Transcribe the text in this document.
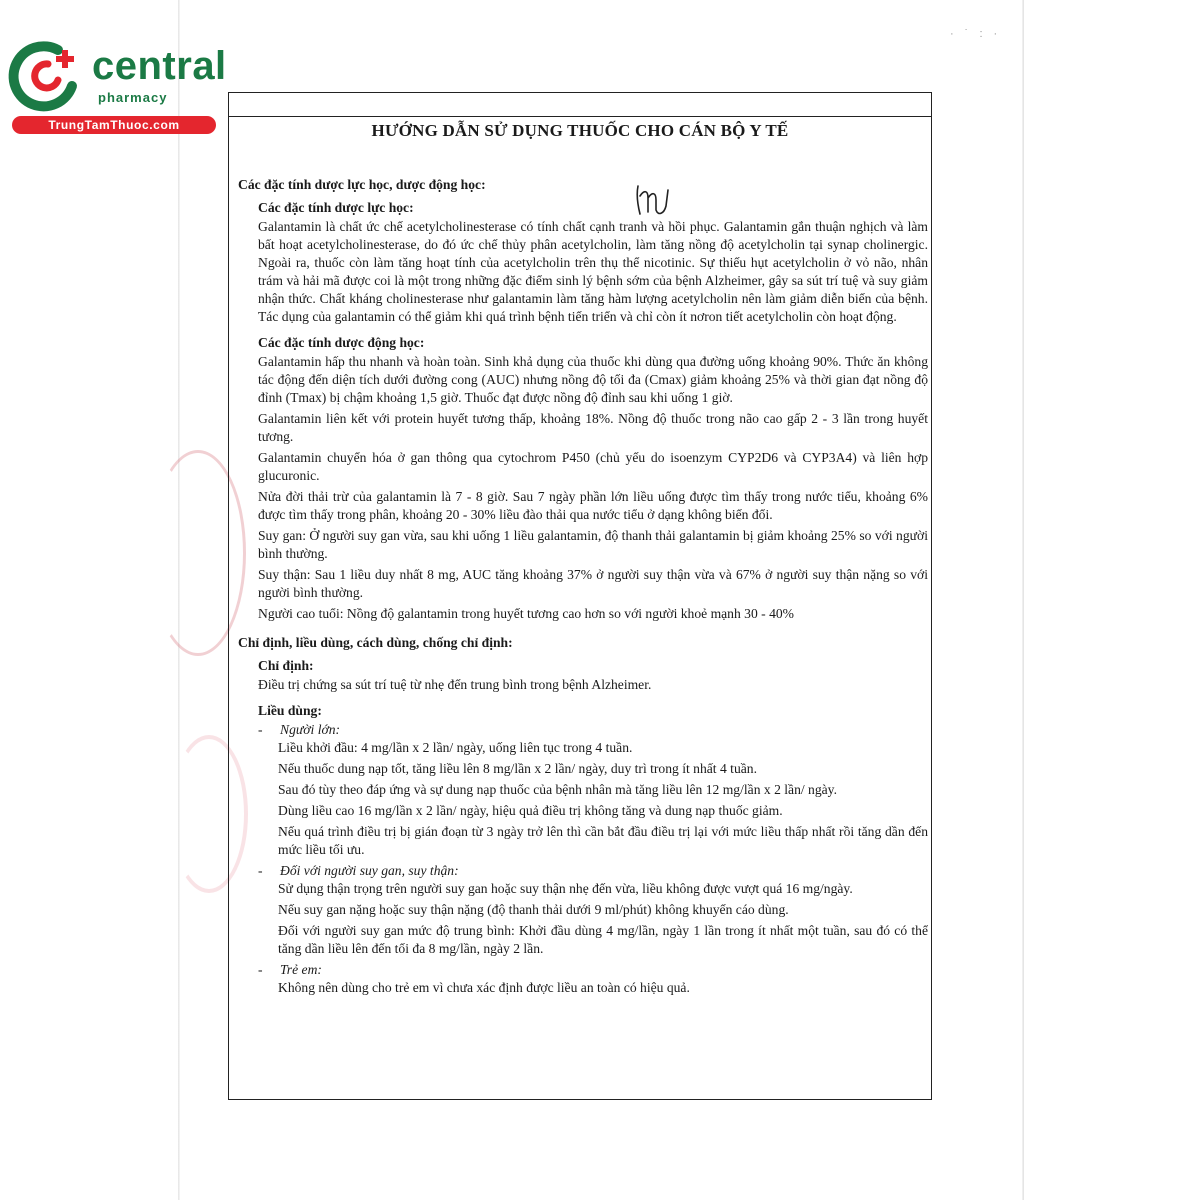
· ˙ : ·
central
pharmacy
TrungTamThuoc.com	HƯỚNG DẪN SỬ DỤNG THUỐC CHO CÁN BỘ Y TẾ
Các đặc tính dược lực học, dược động học:
Các đặc tính dược lực học:
Galantamin là chất ức chế acetylcholinesterase có tính chất cạnh tranh và hồi phục. Galantamin gắn thuận nghịch và làm bất hoạt acetylcholinesterase, do đó ức chế thủy phân acetylcholin, làm tăng nồng độ acetylcholin tại synap cholinergic. Ngoài ra, thuốc còn làm tăng hoạt tính của acetylcholin trên thụ thể nicotinic. Sự thiếu hụt acetylcholin ở vỏ não, nhân trám và hải mã được coi là một trong những đặc điểm sinh lý bệnh sớm của bệnh Alzheimer, gây sa sút trí tuệ và suy giảm nhận thức. Chất kháng cholinesterase như galantamin làm tăng hàm lượng acetylcholin nên làm giảm diễn biến của bệnh. Tác dụng của galantamin có thể giảm khi quá trình bệnh tiến triển và chỉ còn ít nơron tiết acetylcholin còn hoạt động.
Các đặc tính dược động học:
Galantamin hấp thu nhanh và hoàn toàn. Sinh khả dụng của thuốc khi dùng qua đường uống khoảng 90%. Thức ăn không tác động đến diện tích dưới đường cong (AUC) nhưng nồng độ tối đa (Cmax) giảm khoảng 25% và thời gian đạt nồng độ đỉnh (Tmax) bị chậm khoảng 1,5 giờ. Thuốc đạt được nồng độ đỉnh sau khi uống 1 giờ.
Galantamin liên kết với protein huyết tương thấp, khoảng 18%. Nồng độ thuốc trong não cao gấp 2 - 3 lần trong huyết tương.
Galantamin chuyển hóa ở gan thông qua cytochrom P450 (chủ yếu do isoenzym CYP2D6 và CYP3A4) và liên hợp glucuronic.
Nửa đời thải trừ của galantamin là 7 - 8 giờ. Sau 7 ngày phần lớn liều uống được tìm thấy trong nước tiểu, khoảng 6% được tìm thấy trong phân, khoảng 20 - 30% liều đào thải qua nước tiểu ở dạng không biến đổi.
Suy gan: Ở người suy gan vừa, sau khi uống 1 liều galantamin, độ thanh thải galantamin bị giảm khoảng 25% so với người bình thường.
Suy thận: Sau 1 liều duy nhất 8 mg, AUC tăng khoảng 37% ở người suy thận vừa và 67% ở người suy thận nặng so với người bình thường.
Người cao tuổi: Nồng độ galantamin trong huyết tương cao hơn so với người khoẻ mạnh 30 - 40%
Chỉ định, liều dùng, cách dùng, chống chỉ định:
Chỉ định:
Điều trị chứng sa sút trí tuệ từ nhẹ đến trung bình trong bệnh Alzheimer.
Liều dùng:
-	Người lớn:
Liều khởi đầu: 4 mg/lần x 2 lần/ ngày, uống liên tục trong 4 tuần.
Nếu thuốc dung nạp tốt, tăng liều lên 8 mg/lần x 2 lần/ ngày, duy trì trong ít nhất 4 tuần.
Sau đó tùy theo đáp ứng và sự dung nạp thuốc của bệnh nhân mà tăng liều lên 12 mg/lần x 2 lần/ ngày.
Dùng liều cao 16 mg/lần x 2 lần/ ngày, hiệu quả điều trị không tăng và dung nạp thuốc giảm.
Nếu quá trình điều trị bị gián đoạn từ 3 ngày trở lên thì cần bắt đầu điều trị lại với mức liều thấp nhất rồi tăng dần đến mức liều tối ưu.
-	Đối với người suy gan, suy thận:
Sử dụng thận trọng trên người suy gan hoặc suy thận nhẹ đến vừa, liều không được vượt quá 16 mg/ngày.
Nếu suy gan nặng hoặc suy thận nặng (độ thanh thải dưới 9 ml/phút) không khuyến cáo dùng.
Đối với người suy gan mức độ trung bình: Khởi đầu dùng 4 mg/lần, ngày 1 lần trong ít nhất một tuần, sau đó có thể tăng dần liều lên đến tối đa 8 mg/lần, ngày 2 lần.
-	Trẻ em:
Không nên dùng cho trẻ em vì chưa xác định được liều an toàn có hiệu quả.
